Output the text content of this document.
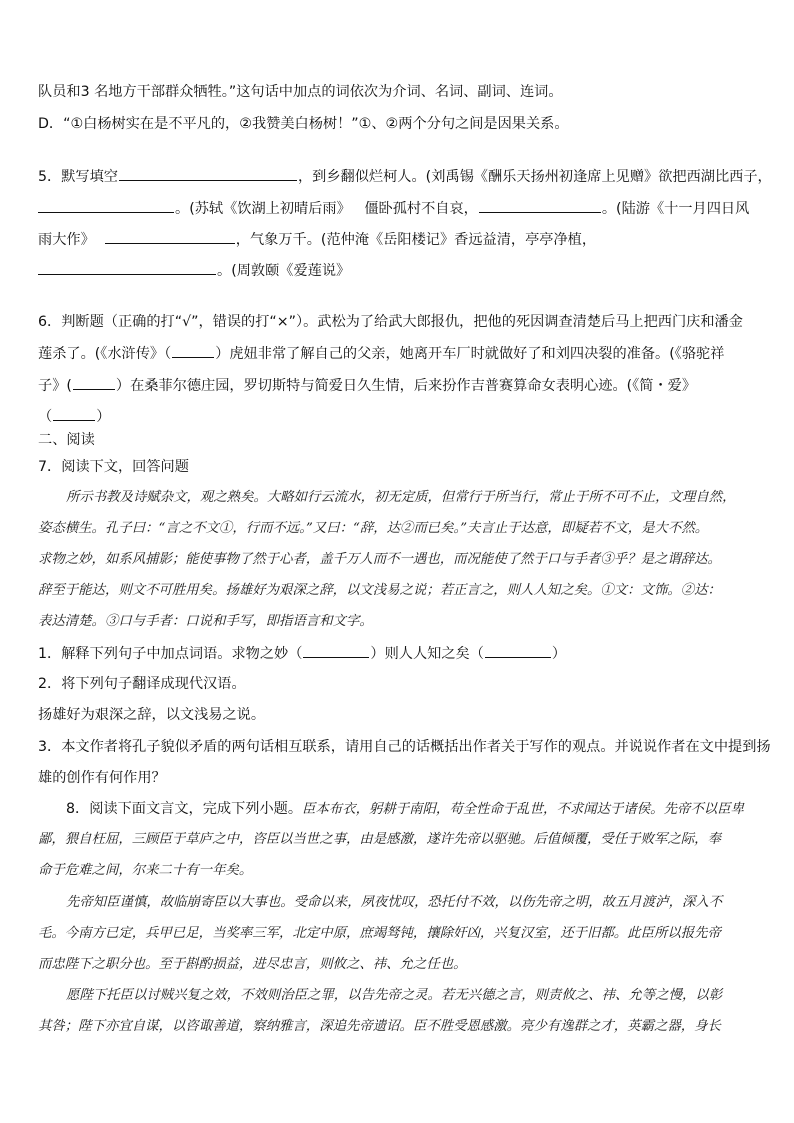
队员和3 名地方干部群众牺牲。”这句话中加点的词依次为介词、名词、副词、连词。
D．“①白杨树实在是不平凡的，②我赞美白杨树！”①、②两个分句之间是因果关系。
5．默写填空	，到乡翻似烂柯人。(刘禹锡《酬乐天扬州初逢席上见赠》欲把西湖比西子，
。(苏轼《饮湖上初晴后雨》 僵卧孤村不自哀，	。(陆游《十一月四日风
雨大作》	，气象万千。(范仲淹《岳阳楼记》香远益清，亭亭净植，
。(周敦颐《爱莲说》
6．判断题（正确的打“√”，错误的打“×”）。武松为了给武大郎报仇，把他的死因调查清楚后马上把西门庆和潘金
莲杀了。(《水浒传》（	）虎妞非常了解自己的父亲，她离开车厂时就做好了和刘四决裂的准备。(《骆驼祥
子》(	）在桑菲尔德庄园，罗切斯特与简爱日久生情，后来扮作吉普赛算命女表明心迹。(《简・爱》
（	）
二、阅读
7．阅读下文，回答问题
所示书教及诗赋杂文，观之熟矣。大略如行云流水，初无定质，但常行于所当行，常止于所不可不止，文理自然，
姿态横生。孔子曰：“言之不文①，行而不远。”又曰：“辞，达②而已矣。”夫言止于达意，即疑若不文，是大不然。
求物之妙，如系风捕影；能使事物了然于心者，盖千万人而不一遇也，而况能使了然于口与手者③乎？是之谓辞达。
辞至于能达，则文不可胜用矣。扬雄好为艰深之辞，以文浅易之说；若正言之，则人人知之矣。①文：文饰。②达：
表达清楚。③口与手者：口说和手写，即指语言和文字。
1．解释下列句子中加点词语。求物之妙（	）则人人知之矣（	）
2．将下列句子翻译成现代汉语。
扬雄好为艰深之辞，以文浅易之说。
3．本文作者将孔子貌似矛盾的两句话相互联系，请用自己的话概括出作者关于写作的观点。并说说作者在文中提到扬
雄的创作有何作用？
8．阅读下面文言文，完成下列小题。臣本布衣，躬耕于南阳，苟全性命于乱世，不求闻达于诸侯。先帝不以臣卑
鄙，猥自枉屈，三顾臣于草庐之中，咨臣以当世之事，由是感激，遂许先帝以驱驰。后值倾覆，受任于败军之际，奉
命于危难之间，尔来二十有一年矣。
先帝知臣谨慎，故临崩寄臣以大事也。受命以来，夙夜忧叹，恐托付不效，以伤先帝之明，故五月渡泸，深入不
毛。今南方已定，兵甲已足，当奖率三军，北定中原，庶竭驽钝，攘除奸凶，兴复汉室，还于旧都。此臣所以报先帝
而忠陛下之职分也。至于斟酌损益，进尽忠言，则攸之、祎、允之任也。
愿陛下托臣以讨贼兴复之效，不效则治臣之罪，以告先帝之灵。若无兴德之言，则责攸之、祎、允等之慢，以彰
其咎；陛下亦宜自谋，以咨诹善道，察纳雅言，深追先帝遗诏。臣不胜受恩感激。亮少有逸群之才，英霸之器，身长
